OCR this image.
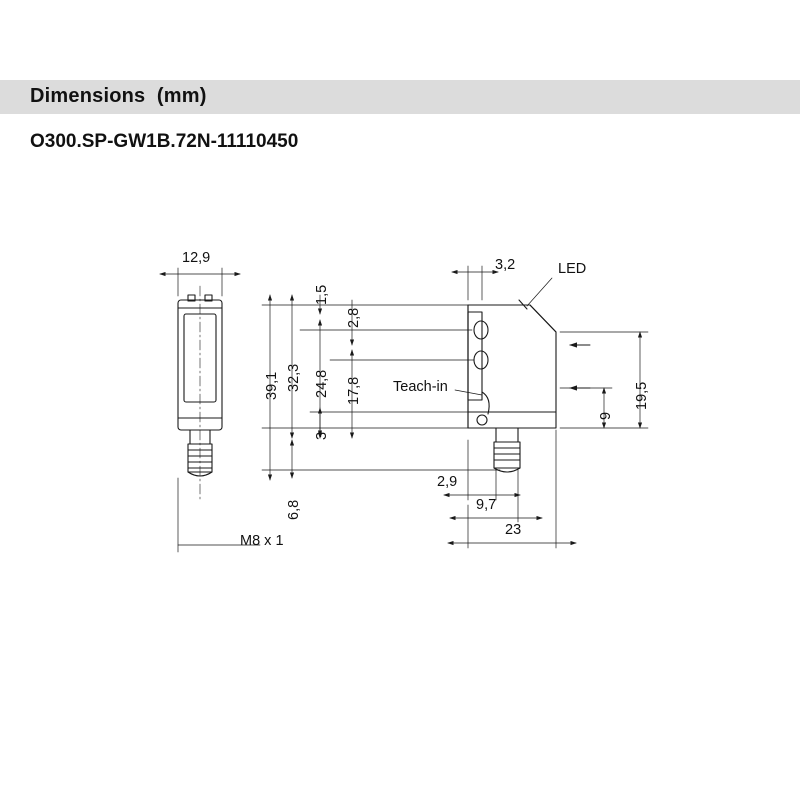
Dimensions  (mm)
O300.SP-GW1B.72N-11110450
12,9
M8 x 1
39,1 32,3 24,8 17,8
1,5
2,8
3
6,8
19,5
9
3,2	LED
Teach-in
2,9
9,7
23
